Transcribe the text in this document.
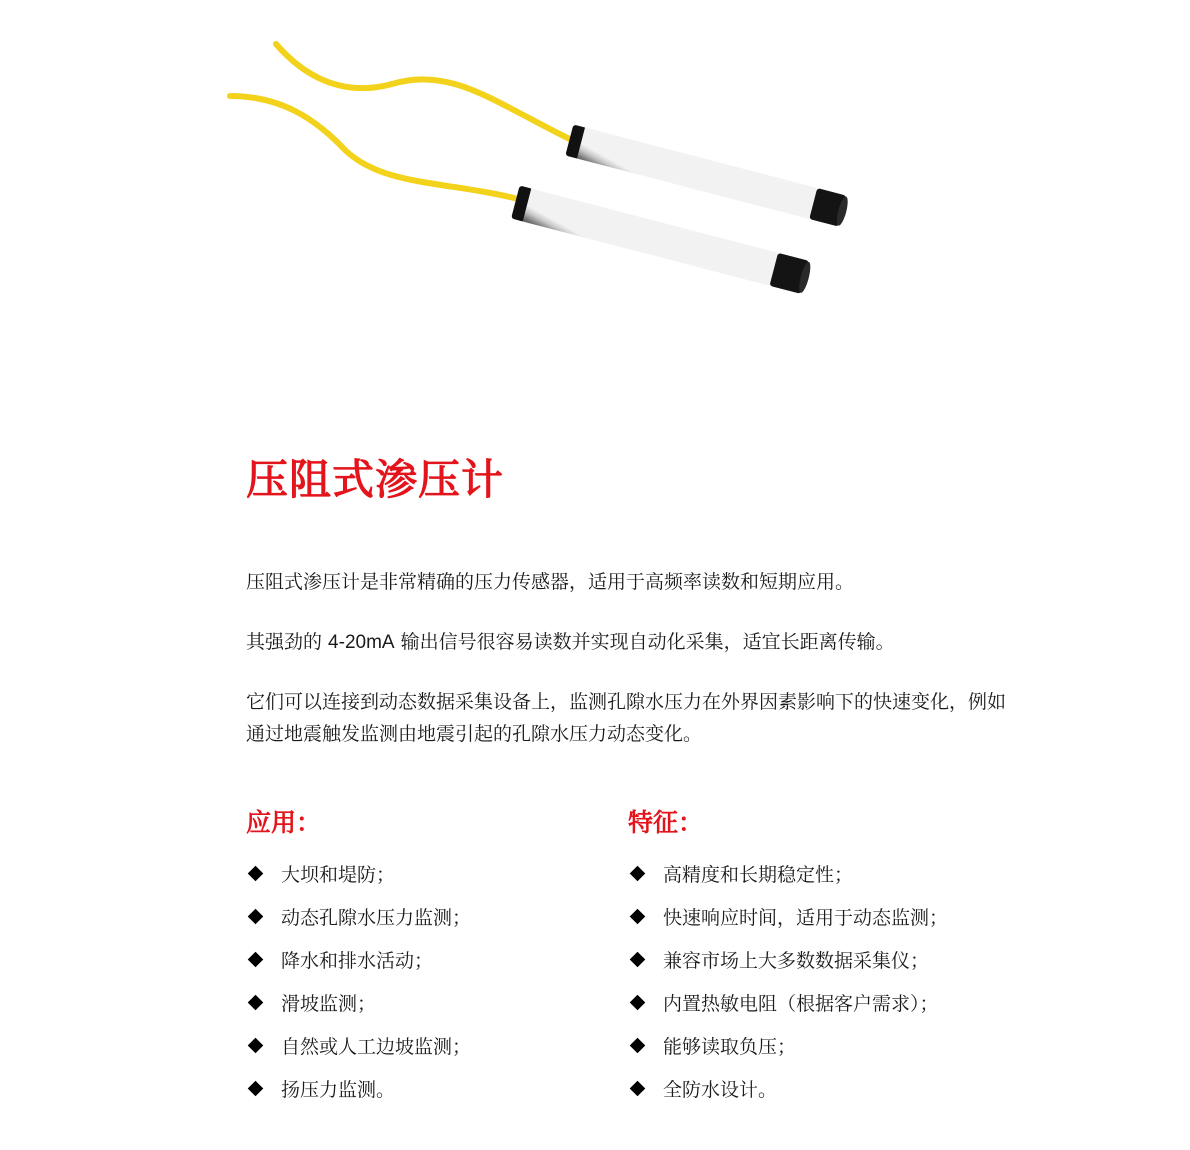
压阻式渗压计

压阻式渗压计是非常精确的压力传感器，适用于高频率读数和短期应用。

其强劲的 4-20mA 输出信号很容易读数并实现自动化采集，适宜长距离传输。

它们可以连接到动态数据采集设备上，监测孔隙水压力在外界因素影响下的快速变化，例如通过地震触发监测由地震引起的孔隙水压力动态变化。

应用：
大坝和堤防；
动态孔隙水压力监测；
降水和排水活动；
滑坡监测；
自然或人工边坡监测；
扬压力监测。
特征：
高精度和长期稳定性；
快速响应时间，适用于动态监测；
兼容市场上大多数数据采集仪；
内置热敏电阻（根据客户需求）；
能够读取负压；
全防水设计。
